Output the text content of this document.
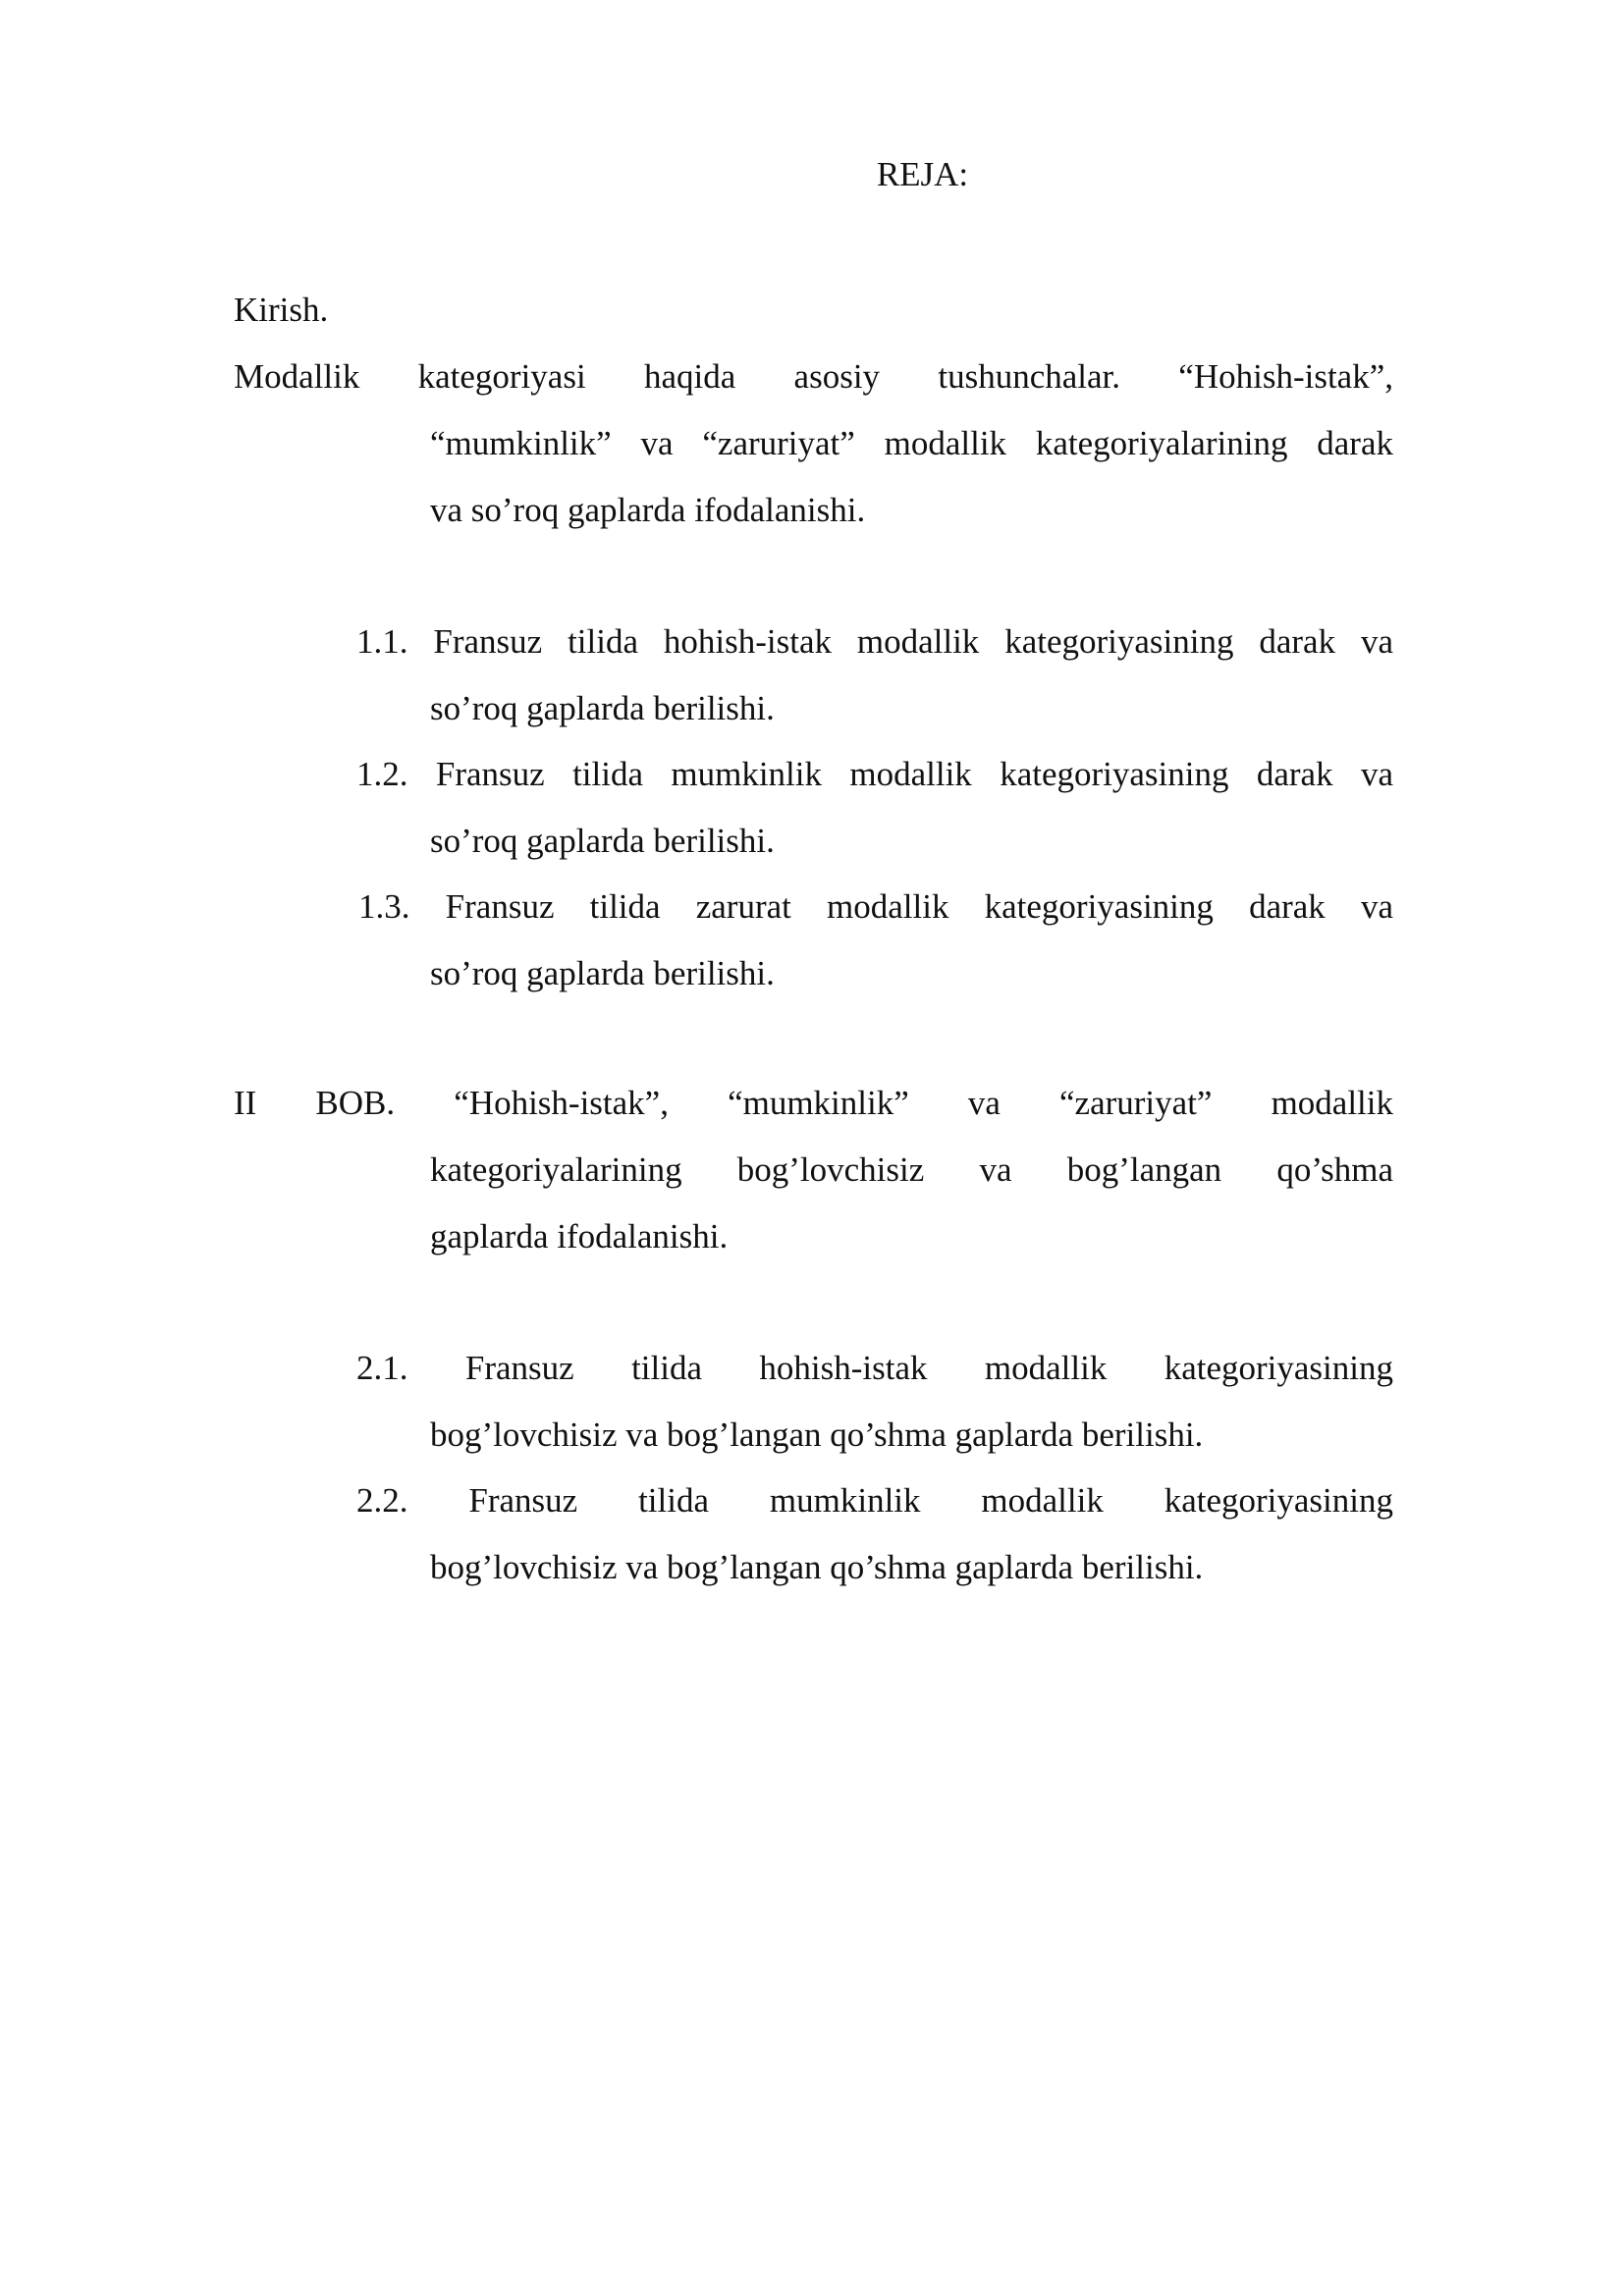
REJA:
Kirish.
Modallik kategoriyasi haqida asosiy tushunchalar. “Hohish-istak”,
“mumkinlik” va “zaruriyat” modallik kategoriyalarining darak
va so’roq gaplarda ifodalanishi.
1.1. Fransuz tilida hohish-istak modallik kategoriyasining darak va
so’roq gaplarda berilishi.
1.2. Fransuz tilida mumkinlik modallik kategoriyasining darak va
so’roq gaplarda berilishi.
1.3. Fransuz tilida zarurat modallik kategoriyasining darak va
so’roq gaplarda berilishi.
II BOB. “Hohish-istak”, “mumkinlik” va “zaruriyat” modallik
kategoriyalarining bog’lovchisiz va bog’langan qo’shma
gaplarda ifodalanishi.
2.1. Fransuz tilida hohish-istak modallik kategoriyasining
bog’lovchisiz va bog’langan qo’shma gaplarda berilishi.
2.2. Fransuz tilida mumkinlik modallik kategoriyasining
bog’lovchisiz va bog’langan qo’shma gaplarda berilishi.
